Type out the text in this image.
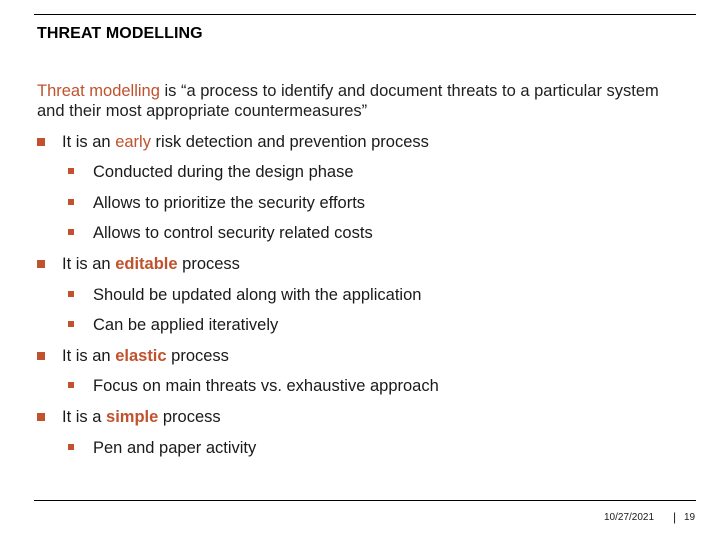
THREAT MODELLING
Threat modelling is “a process to identify and document threats to a particular system and their most appropriate countermeasures”
It is an early risk detection and prevention process
Conducted during the design phase
Allows to prioritize the security efforts
Allows to control security related costs
It is an editable process
Should be updated along with the application
Can be applied iteratively
It is an elastic process
Focus on main threats vs. exhaustive approach
It is a simple process
Pen and paper activity
10/27/2021 | 19
